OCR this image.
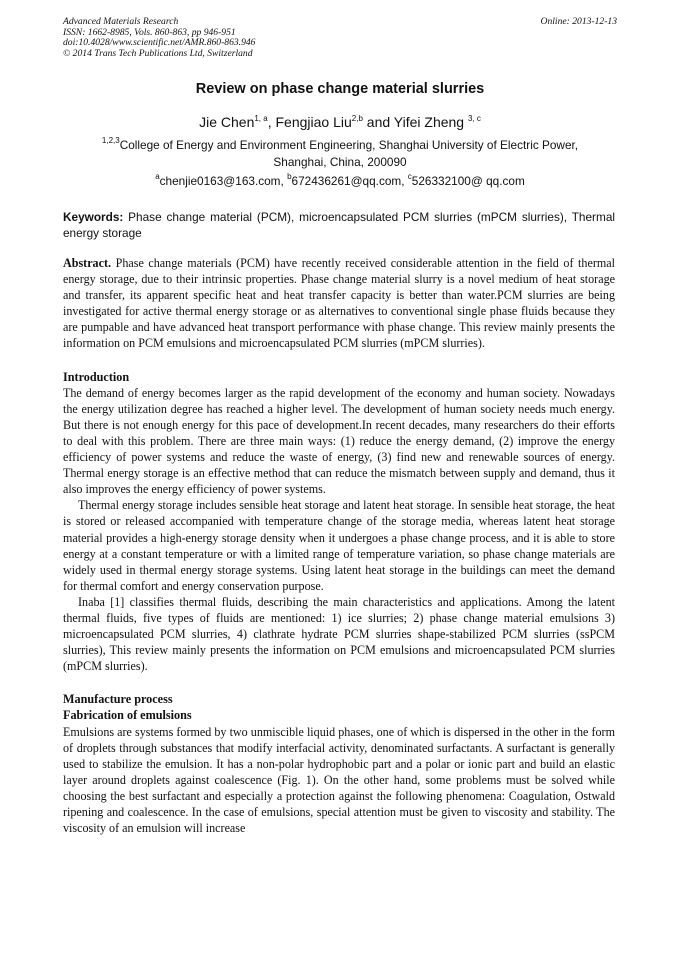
Advanced Materials Research
ISSN: 1662-8985, Vols. 860-863, pp 946-951
doi:10.4028/www.scientific.net/AMR.860-863.946
© 2014 Trans Tech Publications Ltd, Switzerland
Online: 2013-12-13
Review on phase change material slurries
Jie Chen$^{1, a}$, Fengjiao Liu$^{2,b}$ and Yifei Zheng $^{3, c}$
$^{1,2,3}$College of Energy and Environment Engineering, Shanghai University of Electric Power,
Shanghai, China, 200090
$^a$chenjie0163@163.com, $^b$672436261@qq.com, $^c$526332100@ qq.com
Keywords: Phase change material (PCM), microencapsulated PCM slurries (mPCM slurries), Thermal energy storage

Abstract. Phase change materials (PCM) have recently received considerable attention in the field of thermal energy storage, due to their intrinsic properties. Phase change material slurry is a novel medium of heat storage and transfer, its apparent specific heat and heat transfer capacity is better than water.PCM slurries are being investigated for active thermal energy storage or as alternatives to conventional single phase fluids because they are pumpable and have advanced heat transport performance with phase change. This review mainly presents the information on PCM emulsions and microencapsulated PCM slurries (mPCM slurries).

Introduction

The demand of energy becomes larger as the rapid development of the economy and human society. Nowadays the energy utilization degree has reached a higher level. The development of human society needs much energy. But there is not enough energy for this pace of development.In recent decades, many researchers do their efforts to deal with this problem. There are three main ways: (1) reduce the energy demand, (2) improve the energy efficiency of power systems and reduce the waste of energy, (3) find new and renewable sources of energy. Thermal energy storage is an effective method that can reduce the mismatch between supply and demand, thus it also improves the energy efficiency of power systems.

Thermal energy storage includes sensible heat storage and latent heat storage. In sensible heat storage, the heat is stored or released accompanied with temperature change of the storage media, whereas latent heat storage material provides a high-energy storage density when it undergoes a phase change process, and it is able to store energy at a constant temperature or with a limited range of temperature variation, so phase change materials are widely used in thermal energy storage systems. Using latent heat storage in the buildings can meet the demand for thermal comfort and energy conservation purpose.

Inaba [1] classifies thermal fluids, describing the main characteristics and applications. Among the latent thermal fluids, five types of fluids are mentioned: 1) ice slurries; 2) phase change material emulsions 3) microencapsulated PCM slurries, 4) clathrate hydrate PCM slurries shape-stabilized PCM slurries (ssPCM slurries), This review mainly presents the information on PCM emulsions and microencapsulated PCM slurries (mPCM slurries).

Manufacture process
Fabrication of emulsions

Emulsions are systems formed by two unmiscible liquid phases, one of which is dispersed in the other in the form of droplets through substances that modify interfacial activity, denominated surfactants. A surfactant is generally used to stabilize the emulsion. It has a non-polar hydrophobic part and a polar or ionic part and build an elastic layer around droplets against coalescence (Fig. 1). On the other hand, some problems must be solved while choosing the best surfactant and especially a protection against the following phenomena: Coagulation, Ostwald ripening and coalescence. In the case of emulsions, special attention must be given to viscosity and stability. The viscosity of an emulsion will increase
